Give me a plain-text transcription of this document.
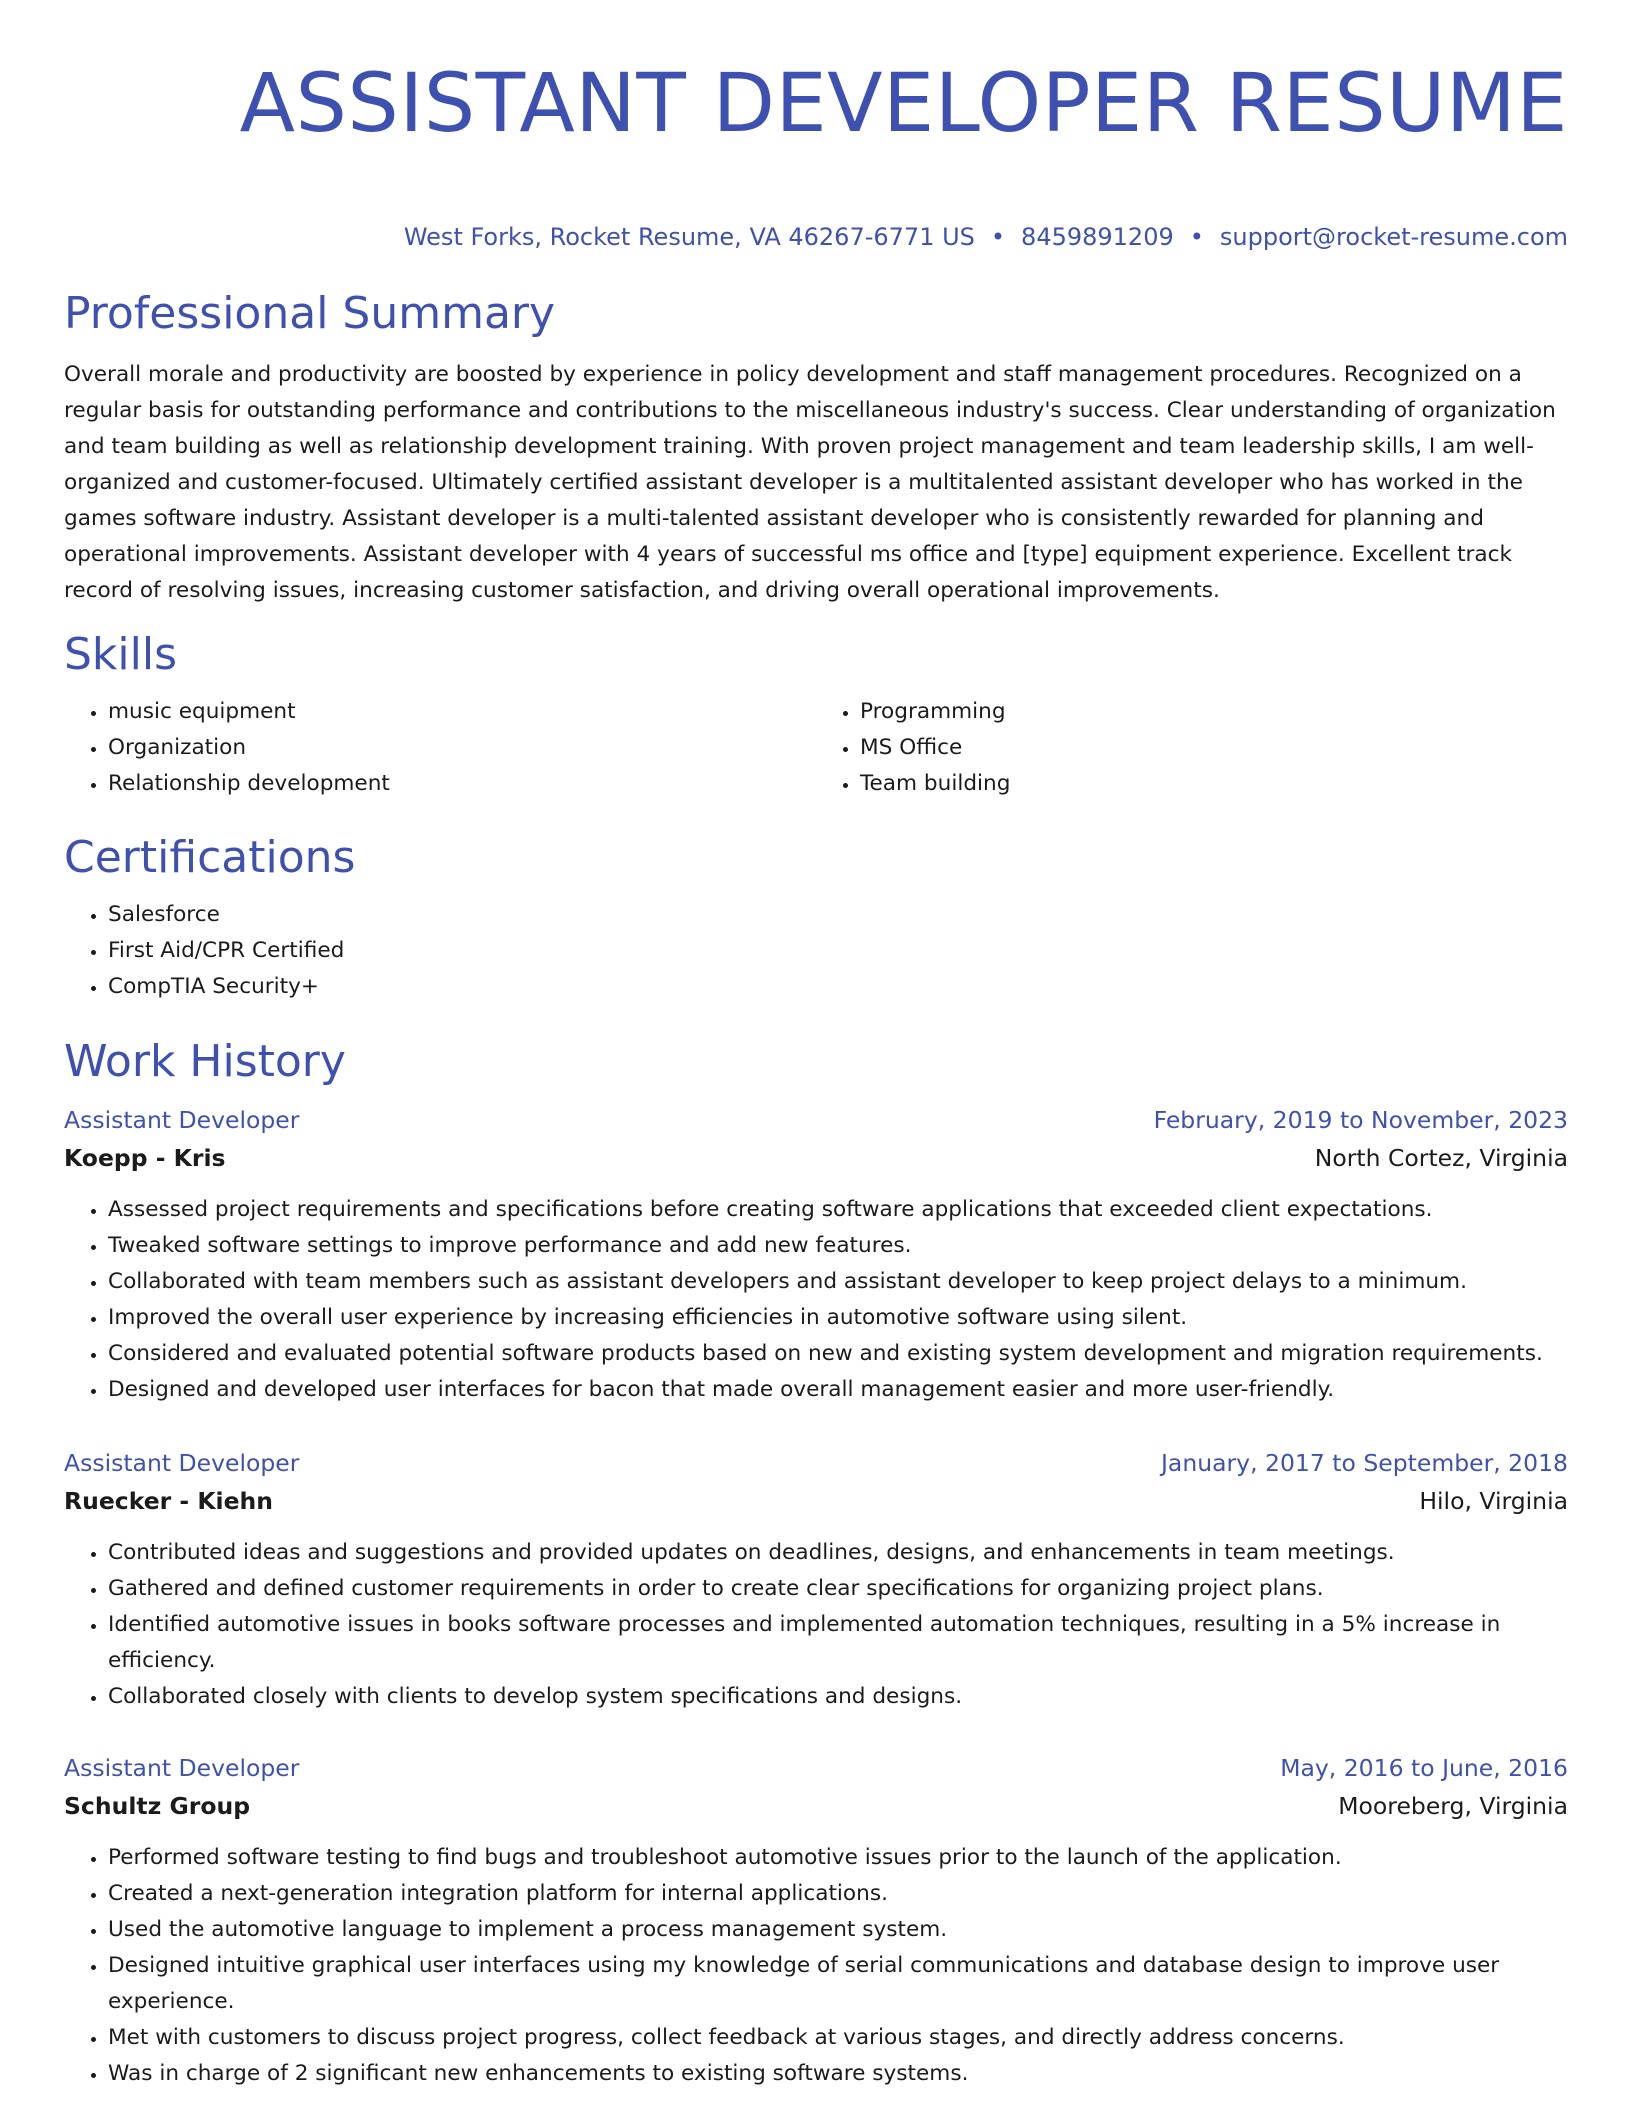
ASSISTANT DEVELOPER RESUME
West Forks, Rocket Resume, VA 46267-6771 US • 8459891209 • support@rocket-resume.com
Professional Summary

Overall morale and productivity are boosted by experience in policy development and staff management procedures. Recognized on a regular basis for outstanding performance and contributions to the miscellaneous industry's success. Clear understanding of organization and team building as well as relationship development training. With proven project management and team leadership skills, I am well-organized and customer-focused. Ultimately certified assistant developer is a multitalented assistant developer who has worked in the games software industry. Assistant developer is a multi-talented assistant developer who is consistently rewarded for planning and operational improvements. Assistant developer with 4 years of successful ms office and [type] equipment experience. Excellent track record of resolving issues, increasing customer satisfaction, and driving overall operational improvements.

Skills
• music equipment
• Organization
• Relationship development
• Programming
• MS Office
• Team building
Certifications
• Salesforce
• First Aid/CPR Certified
• CompTIA Security+
Work History
Assistant Developer	February, 2019 to November, 2023
Koepp - Kris	North Cortez, Virginia
• Assessed project requirements and specifications before creating software applications that exceeded client expectations.
• Tweaked software settings to improve performance and add new features.
• Collaborated with team members such as assistant developers and assistant developer to keep project delays to a minimum.
• Improved the overall user experience by increasing efficiencies in automotive software using silent.
• Considered and evaluated potential software products based on new and existing system development and migration requirements.
• Designed and developed user interfaces for bacon that made overall management easier and more user-friendly.
Assistant Developer	January, 2017 to September, 2018
Ruecker - Kiehn	Hilo, Virginia
• Contributed ideas and suggestions and provided updates on deadlines, designs, and enhancements in team meetings.
• Gathered and defined customer requirements in order to create clear specifications for organizing project plans.
• Identified automotive issues in books software processes and implemented automation techniques, resulting in a 5% increase in efficiency.
• Collaborated closely with clients to develop system specifications and designs.
Assistant Developer	May, 2016 to June, 2016
Schultz Group	Mooreberg, Virginia
• Performed software testing to find bugs and troubleshoot automotive issues prior to the launch of the application.
• Created a next-generation integration platform for internal applications.
• Used the automotive language to implement a process management system.
• Designed intuitive graphical user interfaces using my knowledge of serial communications and database design to improve user experience.
• Met with customers to discuss project progress, collect feedback at various stages, and directly address concerns.
• Was in charge of 2 significant new enhancements to existing software systems.
